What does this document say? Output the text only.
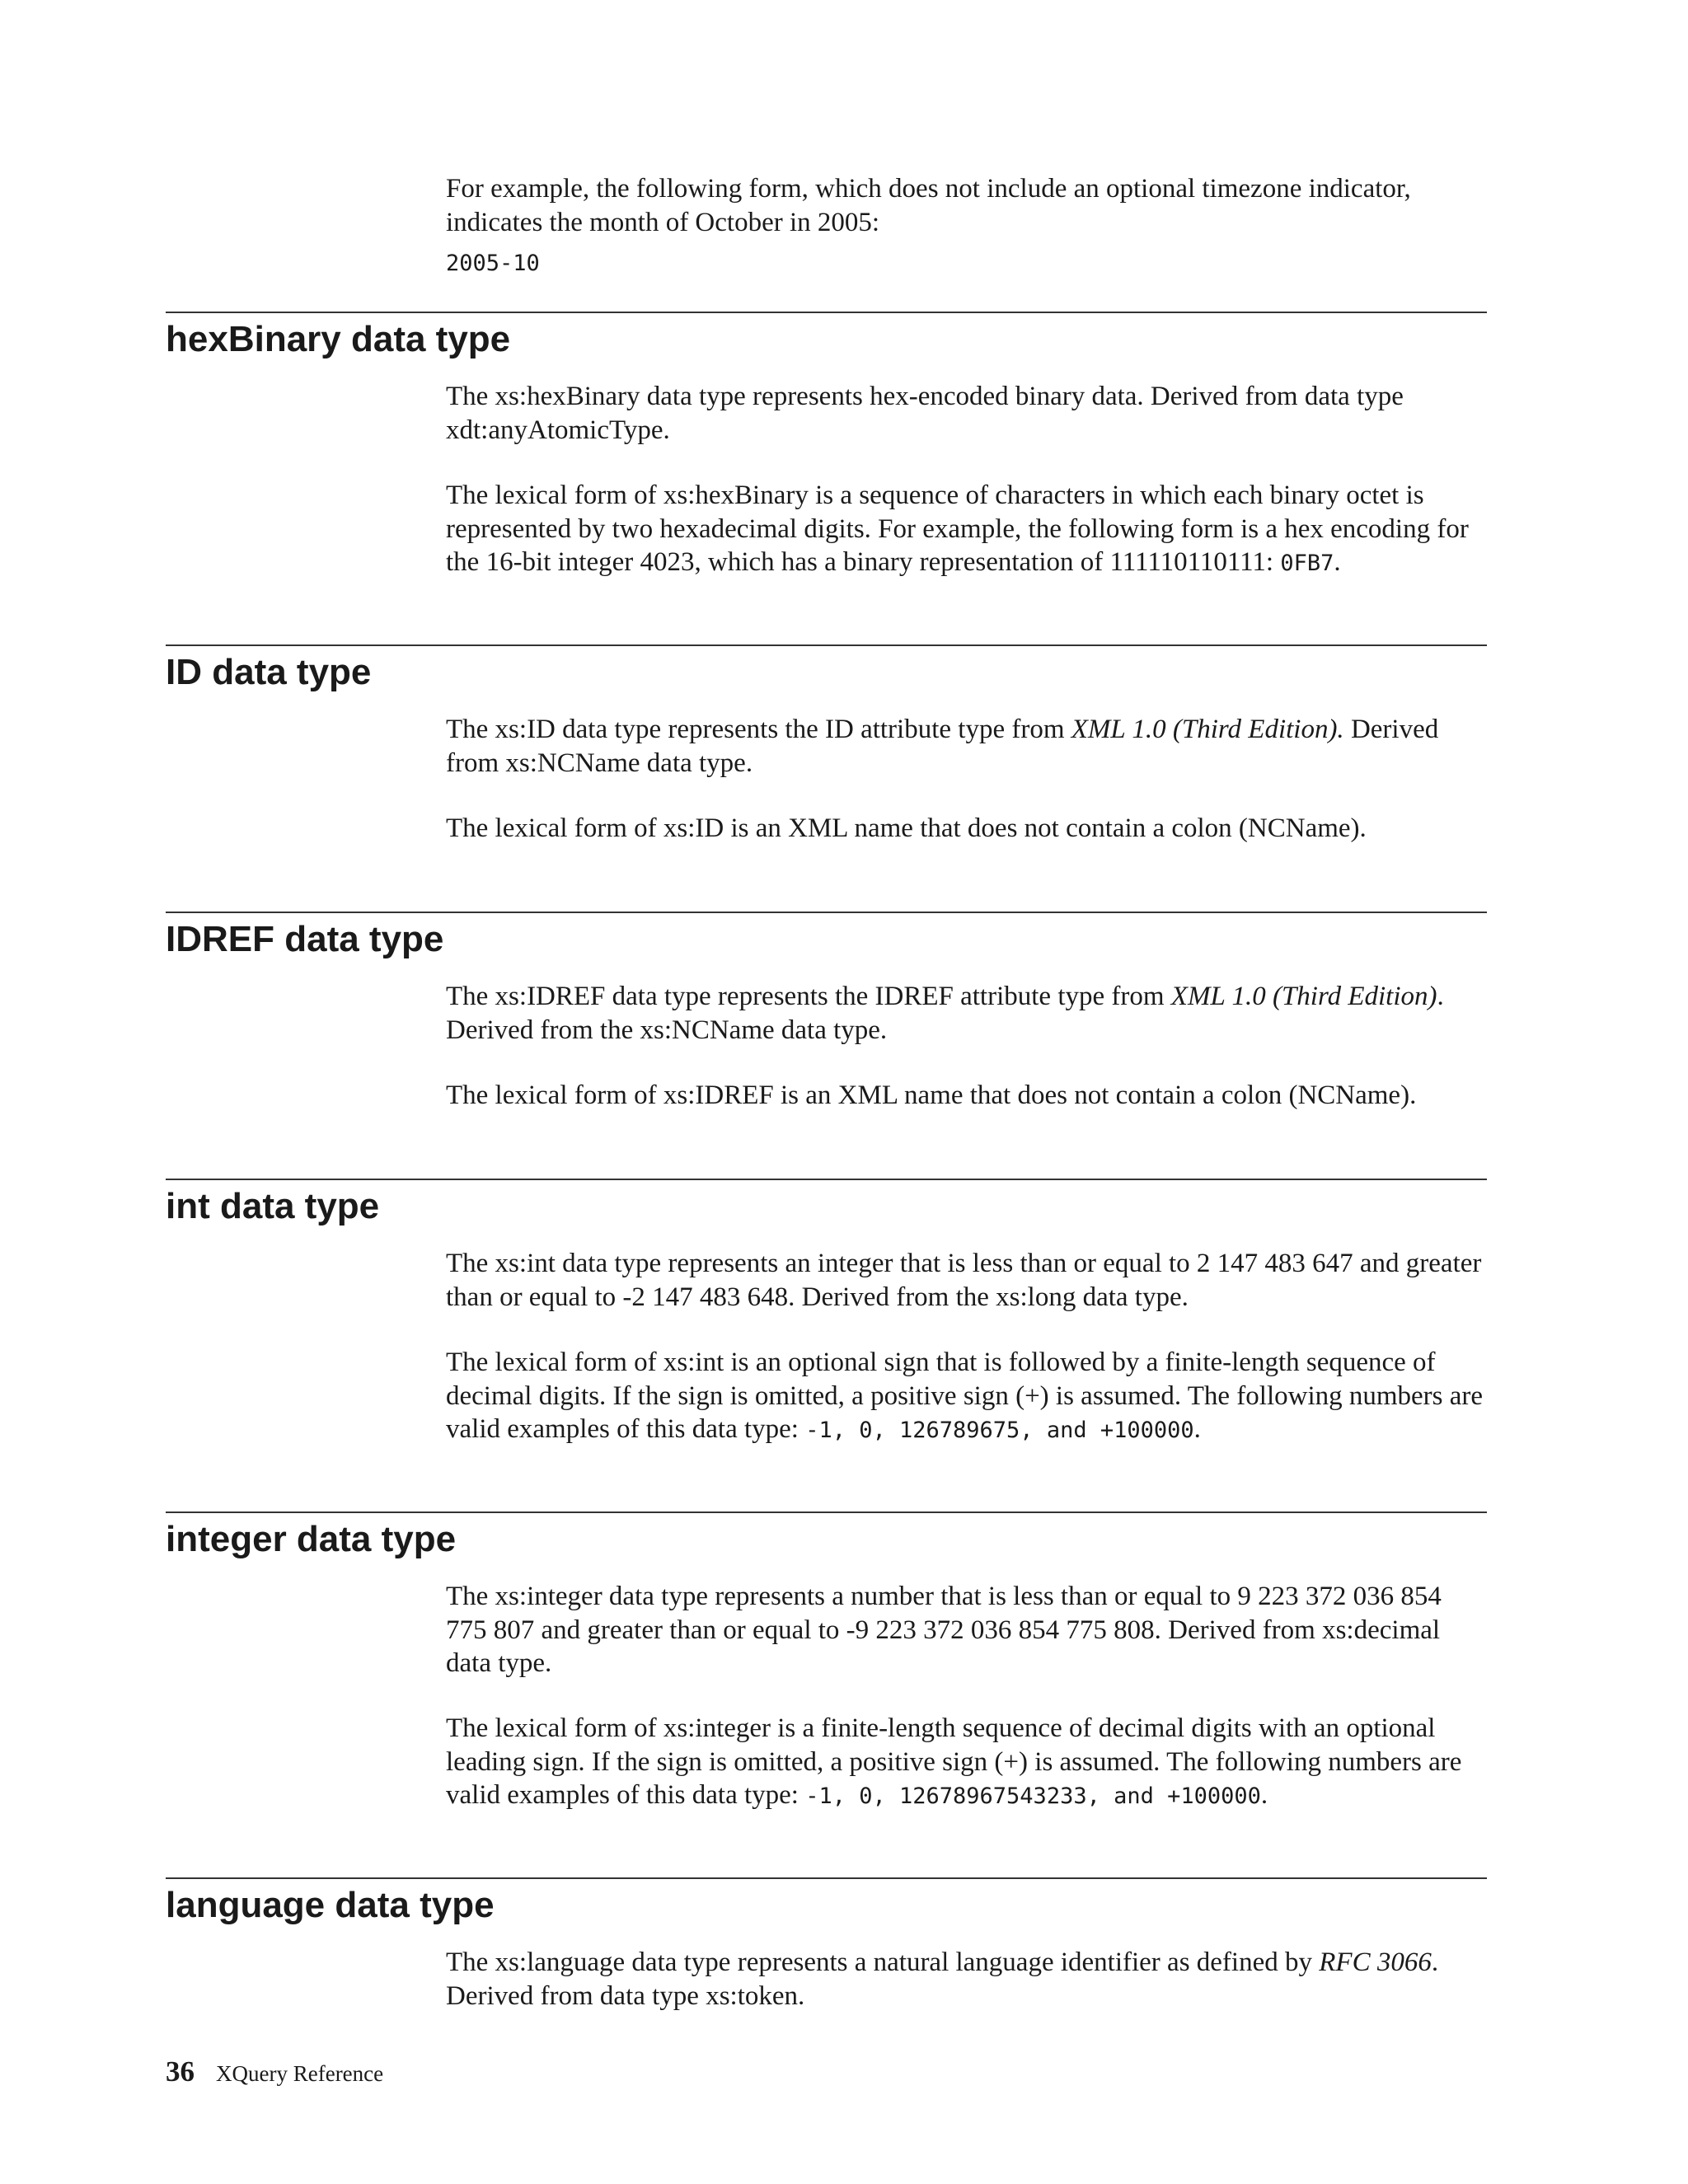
For example, the following form, which does not include an optional timezone indicator, indicates the month of October in 2005:

2005-10

hexBinary data type

The xs:hexBinary data type represents hex-encoded binary data. Derived from data type xdt:anyAtomicType.

The lexical form of xs:hexBinary is a sequence of characters in which each binary octet is represented by two hexadecimal digits. For example, the following form is a hex encoding for the 16-bit integer 4023, which has a binary representation of 111110110111: 0FB7.

ID data type

The xs:ID data type represents the ID attribute type from XML 1.0 (Third Edition). Derived from xs:NCName data type.

The lexical form of xs:ID is an XML name that does not contain a colon (NCName).

IDREF data type

The xs:IDREF data type represents the IDREF attribute type from XML 1.0 (Third Edition). Derived from the xs:NCName data type.

The lexical form of xs:IDREF is an XML name that does not contain a colon (NCName).

int data type

The xs:int data type represents an integer that is less than or equal to 2 147 483 647 and greater than or equal to -2 147 483 648. Derived from the xs:long data type.

The lexical form of xs:int is an optional sign that is followed by a finite-length sequence of decimal digits. If the sign is omitted, a positive sign (+) is assumed. The following numbers are valid examples of this data type: -1, 0, 126789675, and +100000.

integer data type

The xs:integer data type represents a number that is less than or equal to 9 223 372 036 854 775 807 and greater than or equal to -9 223 372 036 854 775 808. Derived from xs:decimal data type.

The lexical form of xs:integer is a finite-length sequence of decimal digits with an optional leading sign. If the sign is omitted, a positive sign (+) is assumed. The following numbers are valid examples of this data type: -1, 0, 12678967543233, and +100000.

language data type

The xs:language data type represents a natural language identifier as defined by RFC 3066. Derived from data type xs:token.

36 XQuery Reference
